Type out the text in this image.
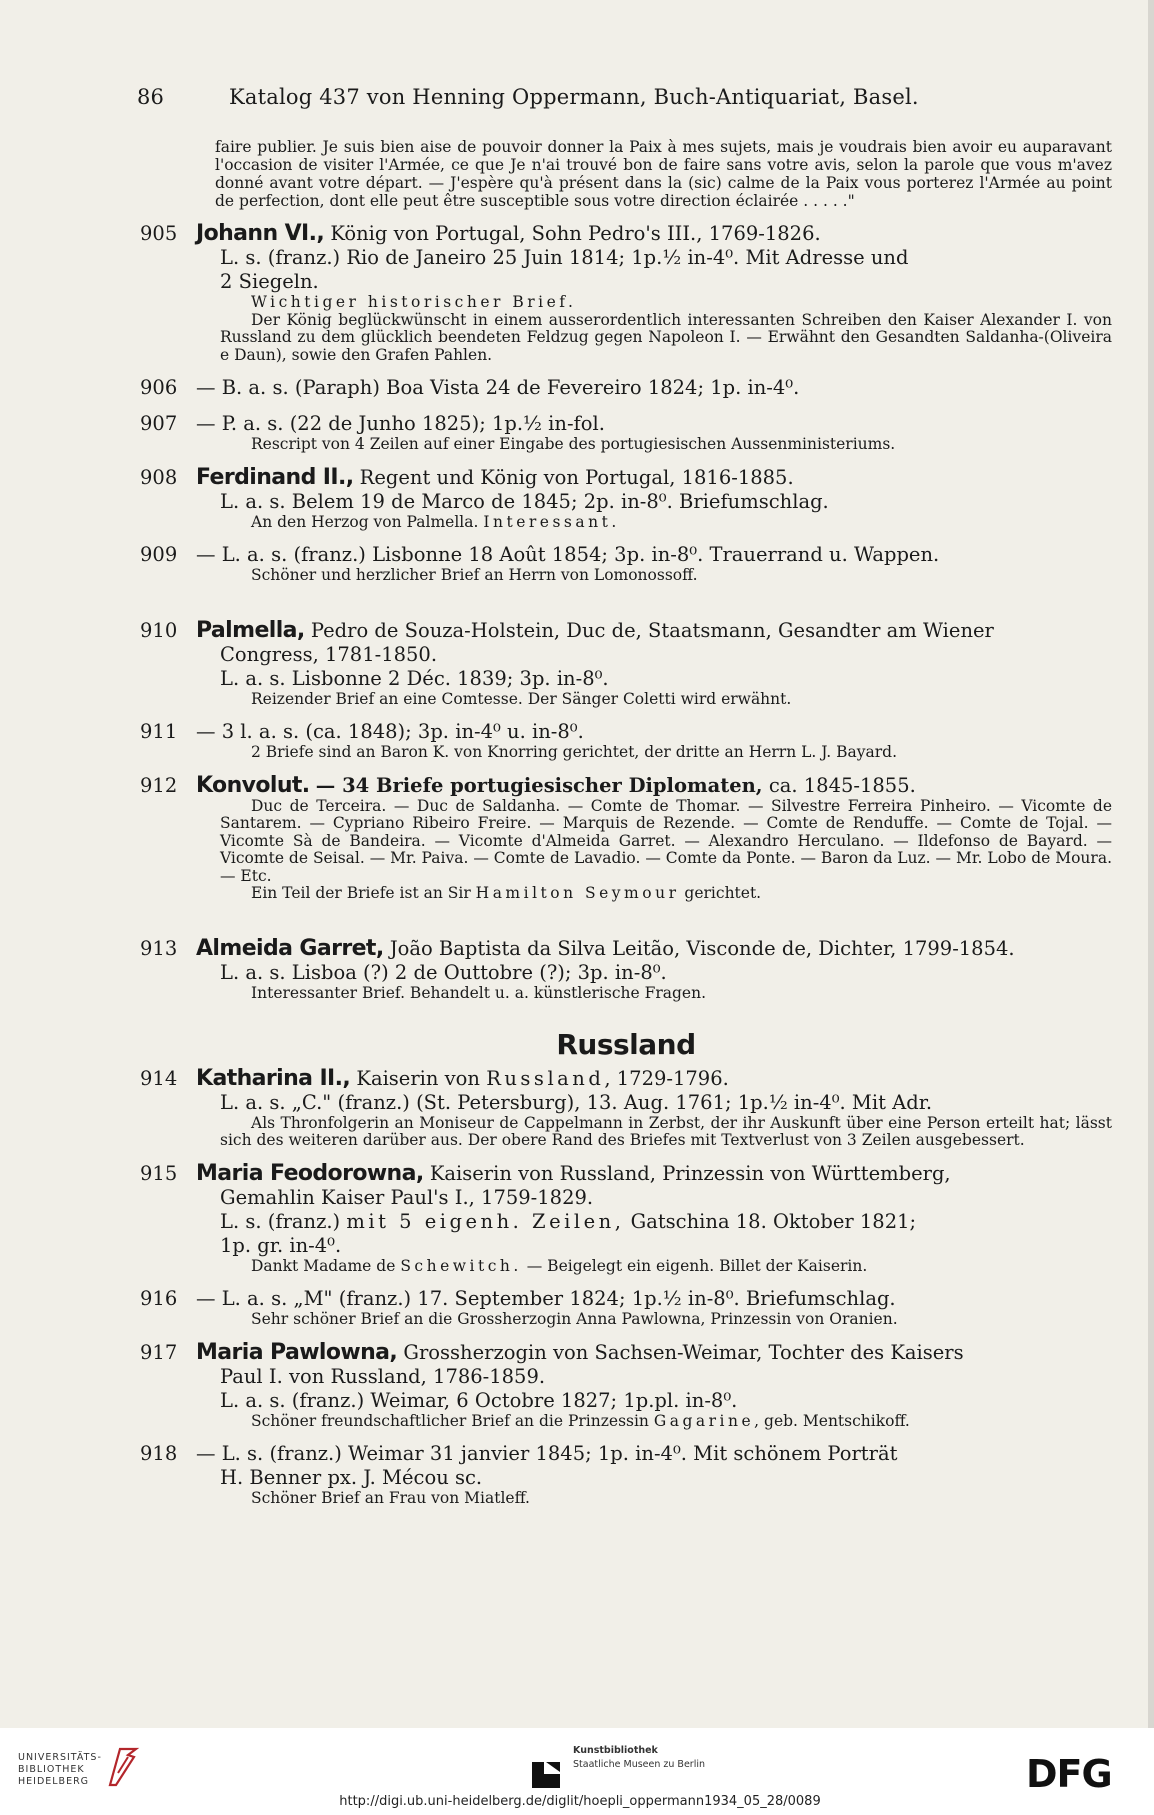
86	Katalog 437 von Henning Oppermann, Buch-Antiquariat, Basel.

faire publier. Je suis bien aise de pouvoir donner la Paix à mes sujets, mais je voudrais bien avoir eu auparavant l'occasion de visiter l'Armée, ce que Je n'ai trouvé bon de faire sans votre avis, selon la parole que vous m'avez donné avant votre départ. — J'espère qu'à présent dans la (sic) calme de la Paix vous porterez l'Armée au point de perfection, dont elle peut être susceptible sous votre direction éclairée . . . . ."

905 Johann VI., König von Portugal, Sohn Pedro's III., 1769-1826.
L. s. (franz.) Rio de Janeiro 25 Juin 1814; 1p.½ in-4⁰. Mit Adresse und
2 Siegeln.
Wichtiger historischer Brief.
Der König beglückwünscht in einem ausserordentlich interessanten Schreiben den Kaiser Alexander I. von Russland zu dem glücklich beendeten Feldzug gegen Napoleon I. — Erwähnt den Gesandten Saldanha-(Oliveira e Daun), sowie den Grafen Pahlen.
906 — B. a. s. (Paraph) Boa Vista 24 de Fevereiro 1824; 1p. in-4⁰.
907 — P. a. s. (22 de Junho 1825); 1p.½ in-fol.
Rescript von 4 Zeilen auf einer Eingabe des portugiesischen Aussenministeriums.
908 Ferdinand II., Regent und König von Portugal, 1816-1885.
L. a. s. Belem 19 de Marco de 1845; 2p. in-8⁰. Briefumschlag.
An den Herzog von Palmella. Interessant.
909 — L. a. s. (franz.) Lisbonne 18 Août 1854; 3p. in-8⁰. Trauerrand u. Wappen.
Schöner und herzlicher Brief an Herrn von Lomonossoff.
910 Palmella, Pedro de Souza-Holstein, Duc de, Staatsmann, Gesandter am Wiener
Congress, 1781-1850.
L. a. s. Lisbonne 2 Déc. 1839; 3p. in-8⁰.
Reizender Brief an eine Comtesse. Der Sänger Coletti wird erwähnt.
911 — 3 l. a. s. (ca. 1848); 3p. in-4⁰ u. in-8⁰.
2 Briefe sind an Baron K. von Knorring gerichtet, der dritte an Herrn L. J. Bayard.
912 Konvolut. — 34 Briefe portugiesischer Diplomaten, ca. 1845-1855.
Duc de Terceira. — Duc de Saldanha. — Comte de Thomar. — Silvestre Ferreira Pinheiro. — Vicomte de Santarem. — Cypriano Ribeiro Freire. — Marquis de Rezende. — Comte de Renduffe. — Comte de Tojal. — Vicomte Sà de Bandeira. — Vicomte d'Almeida Garret. — Alexandro Herculano. — Ildefonso de Bayard. — Vicomte de Seisal. — Mr. Paiva. — Comte de Lavadio. — Comte da Ponte. — Baron da Luz. — Mr. Lobo de Moura. — Etc.
Ein Teil der Briefe ist an Sir Hamilton Seymour gerichtet.
913 Almeida Garret, João Baptista da Silva Leitão, Visconde de, Dichter, 1799-1854.
L. a. s. Lisboa (?) 2 de Outtobre (?); 3p. in-8⁰.
Interessanter Brief. Behandelt u. a. künstlerische Fragen.
Russland
914 Katharina II., Kaiserin von Russland, 1729-1796.
L. a. s. „C." (franz.) (St. Petersburg), 13. Aug. 1761; 1p.½ in-4⁰. Mit Adr.
Als Thronfolgerin an Moniseur de Cappelmann in Zerbst, der ihr Auskunft über eine Person erteilt hat; lässt sich des weiteren darüber aus. Der obere Rand des Briefes mit Textverlust von 3 Zeilen ausgebessert.
915 Maria Feodorowna, Kaiserin von Russland, Prinzessin von Württemberg,
Gemahlin Kaiser Paul's I., 1759-1829.
L. s. (franz.) mit 5 eigenh. Zeilen, Gatschina 18. Oktober 1821;
1p. gr. in-4⁰.
Dankt Madame de Schewitch. — Beigelegt ein eigenh. Billet der Kaiserin.
916 — L. a. s. „M" (franz.) 17. September 1824; 1p.½ in-8⁰. Briefumschlag.
Sehr schöner Brief an die Grossherzogin Anna Pawlowna, Prinzessin von Oranien.
917 Maria Pawlowna, Grossherzogin von Sachsen-Weimar, Tochter des Kaisers
Paul I. von Russland, 1786-1859.
L. a. s. (franz.) Weimar, 6 Octobre 1827; 1p.pl. in-8⁰.
Schöner freundschaftlicher Brief an die Prinzessin Gagarine, geb. Mentschikoff.
918 — L. s. (franz.) Weimar 31 janvier 1845; 1p. in-4⁰. Mit schönem Porträt
H. Benner px. J. Mécou sc.
Schöner Brief an Frau von Miatleff.
UNIVERSITÄTS-
BIBLIOTHEK
HEIDELBERG
Kunstbibliothek
Staatliche Museen zu Berlin	DFG
http://digi.ub.uni-heidelberg.de/diglit/hoepli_oppermann1934_05_28/0089
